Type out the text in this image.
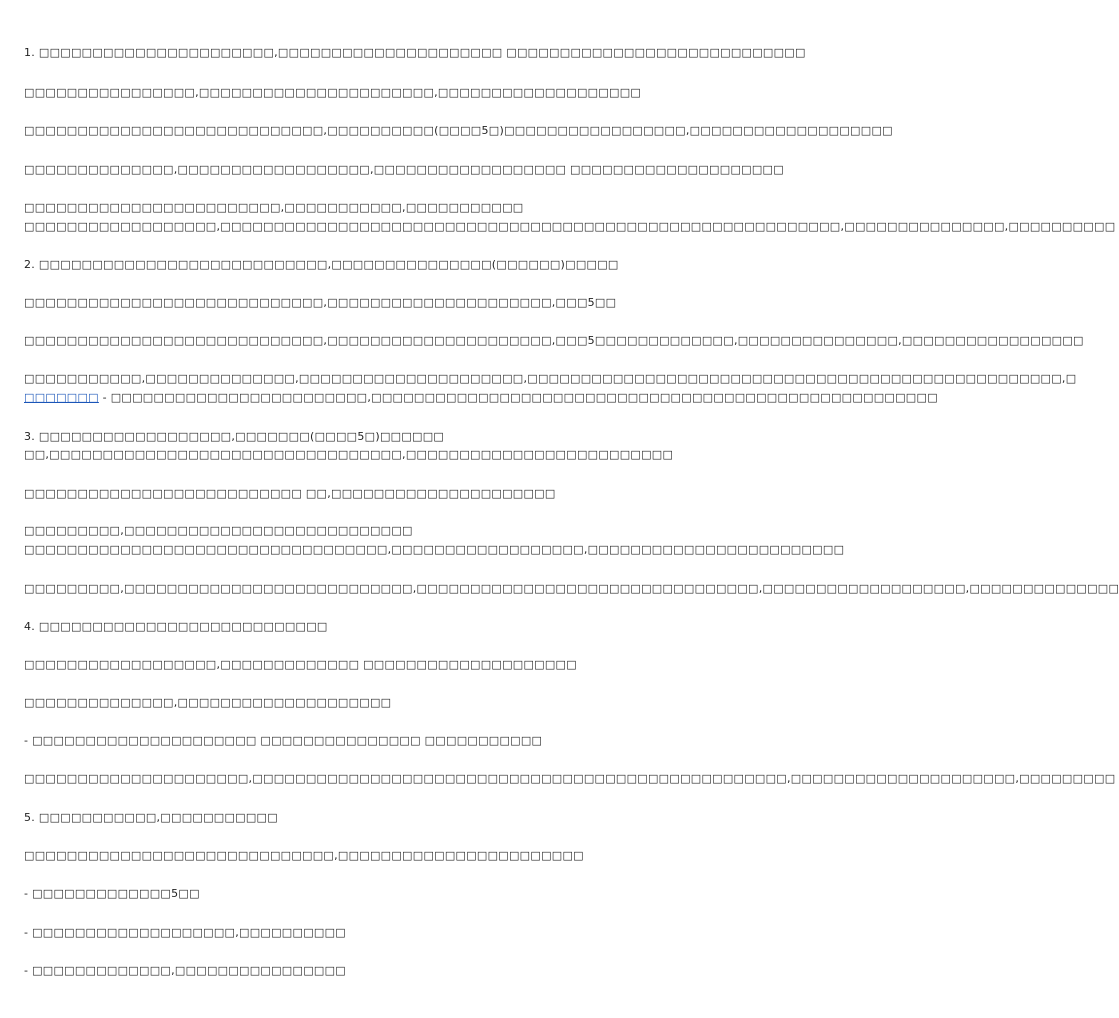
1. □□□□□□□□□□□□□□□□□□□□□□,□□□□□□□□□□□□□□□□□□□□□ □□□□□□□□□□□□□□□□□□□□□□□□□□□□
□□□□□□□□□□□□□□□□,□□□□□□□□□□□□□□□□□□□□□□,□□□□□□□□□□□□□□□□□□□
□□□□□□□□□□□□□□□□□□□□□□□□□□□□,□□□□□□□□□□(□□□□5□)□□□□□□□□□□□□□□□□□,□□□□□□□□□□□□□□□□□□□
□□□□□□□□□□□□□□,□□□□□□□□□□□□□□□□□□,□□□□□□□□□□□□□□□□□□ □□□□□□□□□□□□□□□□□□□□
□□□□□□□□□□□□□□□□□□□□□□□□,□□□□□□□□□□□,□□□□□□□□□□□
□□□□□□□□□□□□□□□□□□,□□□□□□□□□□□□□□□□□□□□□□□□□□□□□□□□□□□□□□□□□□□□□□□□□□□□□□□□□□,□□□□□□□□□□□□□□□,□□□□□□□□□□
2. □□□□□□□□□□□□□□□□□□□□□□□□□□□,□□□□□□□□□□□□□□□(□□□□□□)□□□□□
□□□□□□□□□□□□□□□□□□□□□□□□□□□□,□□□□□□□□□□□□□□□□□□□□□,□□□5□□
□□□□□□□□□□□□□□□□□□□□□□□□□□□□,□□□□□□□□□□□□□□□□□□□□□,□□□5□□□□□□□□□□□□□,□□□□□□□□□□□□□□□,□□□□□□□□□□□□□□□□□
□□□□□□□□□□□,□□□□□□□□□□□□□□,□□□□□□□□□□□□□□□□□□□□□,□□□□□□□□□□□□□□□□□□□□□□□□□□□□□□□□□□□□□□□□□□□□□□□□□□,□
□□□□□□□ - □□□□□□□□□□□□□□□□□□□□□□□□,□□□□□□□□□□□□□□□□□□□□□□□□□□□□□□□□□□□□□□□□□□□□□□□□□□□□□
3. □□□□□□□□□□□□□□□□□□,□□□□□□□(□□□□5□)□□□□□□
□□,□□□□□□□□□□□□□□□□□□□□□□□□□□□□□□□□□,□□□□□□□□□□□□□□□□□□□□□□□□□
□□□□□□□□□□□□□□□□□□□□□□□□□□ □□,□□□□□□□□□□□□□□□□□□□□□
□□□□□□□□□,□□□□□□□□□□□□□□□□□□□□□□□□□□□
□□□□□□□□□□□□□□□□□□□□□□□□□□□□□□□□□□,□□□□□□□□□□□□□□□□□□,□□□□□□□□□□□□□□□□□□□□□□□□
□□□□□□□□□,□□□□□□□□□□□□□□□□□□□□□□□□□□□,□□□□□□□□□□□□□□□□□□□□□□□□□□□□□□□□,□□□□□□□□□□□□□□□□□□□,□□□□□□□□□□□□□□
4. □□□□□□□□□□□□□□□□□□□□□□□□□□□
□□□□□□□□□□□□□□□□□□,□□□□□□□□□□□□□ □□□□□□□□□□□□□□□□□□□□
□□□□□□□□□□□□□□,□□□□□□□□□□□□□□□□□□□□
- □□□□□□□□□□□□□□□□□□□□□ □□□□□□□□□□□□□□□ □□□□□□□□□□□
□□□□□□□□□□□□□□□□□□□□□,□□□□□□□□□□□□□□□□□□□□□□□□□□□□□□□□□□□□□□□□□□□□□□□□□□,□□□□□□□□□□□□□□□□□□□□□,□□□□□□□□□
5. □□□□□□□□□□□,□□□□□□□□□□□
□□□□□□□□□□□□□□□□□□□□□□□□□□□□□,□□□□□□□□□□□□□□□□□□□□□□□
- □□□□□□□□□□□□□5□□
- □□□□□□□□□□□□□□□□□□□,□□□□□□□□□□
- □□□□□□□□□□□□□,□□□□□□□□□□□□□□□□
